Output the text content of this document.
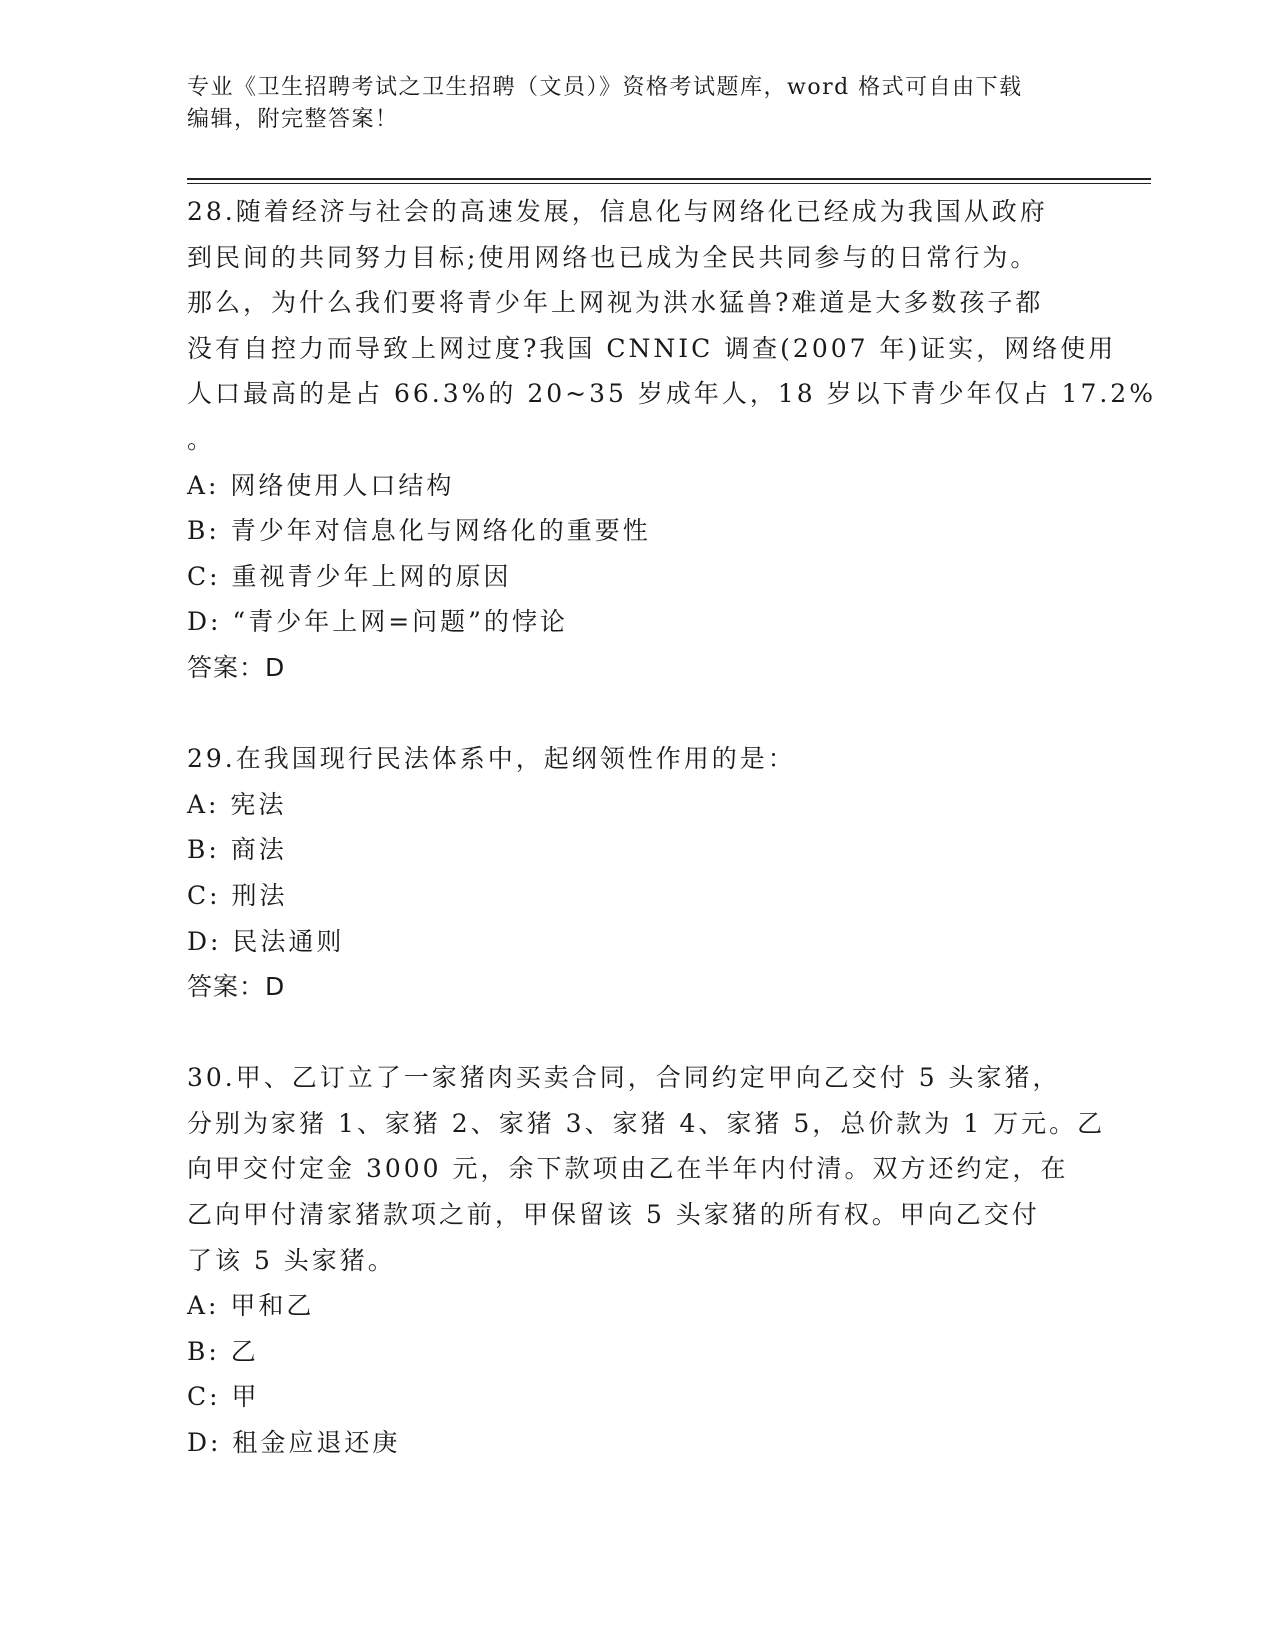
专业《卫生招聘考试之卫生招聘（文员）》资格考试题库，word 格式可自由下载
编辑，附完整答案！
28.随着经济与社会的高速发展，信息化与网络化已经成为我国从政府
到民间的共同努力目标;使用网络也已成为全民共同参与的日常行为。
那么，为什么我们要将青少年上网视为洪水猛兽?难道是大多数孩子都
没有自控力而导致上网过度?我国 CNNIC 调查(2007 年)证实，网络使用
人口最高的是占 66.3%的 20~35 岁成年人，18 岁以下青少年仅占 17.2%
。
A: 网络使用人口结构
B: 青少年对信息化与网络化的重要性
C: 重视青少年上网的原因
D: “青少年上网=问题”的悖论
答案：D
29.在我国现行民法体系中，起纲领性作用的是：
A: 宪法
B: 商法
C: 刑法
D: 民法通则
答案：D
30.甲、乙订立了一家猪肉买卖合同，合同约定甲向乙交付 5 头家猪，
分别为家猪 1、家猪 2、家猪 3、家猪 4、家猪 5，总价款为 1 万元。乙
向甲交付定金 3000 元，余下款项由乙在半年内付清。双方还约定，在
乙向甲付清家猪款项之前，甲保留该 5 头家猪的所有权。甲向乙交付
了该 5 头家猪。
A: 甲和乙
B: 乙
C: 甲
D: 租金应退还庚
